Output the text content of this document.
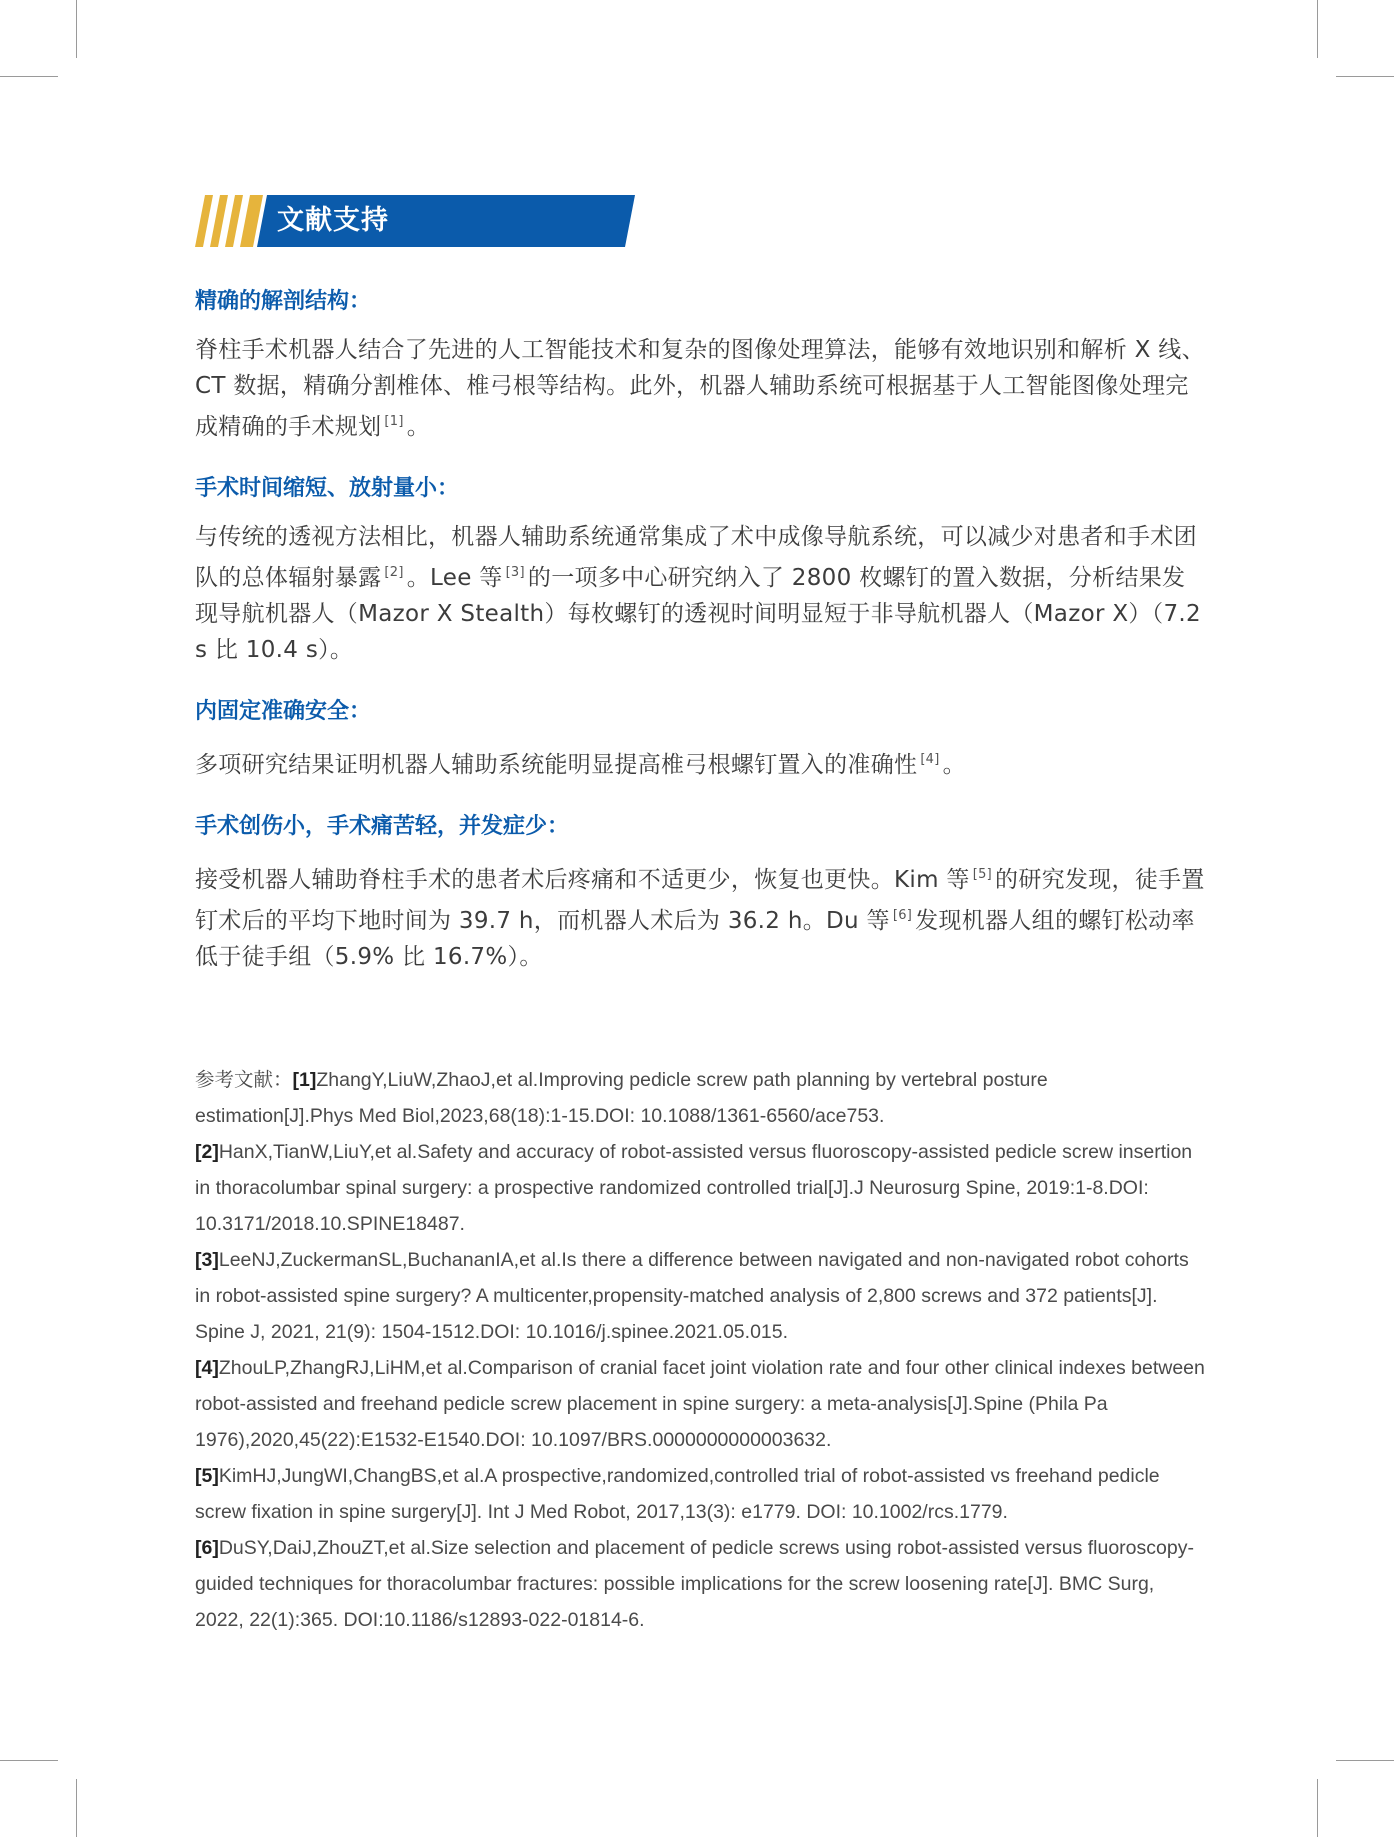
文献支持
精确的解剖结构：

脊柱手术机器人结合了先进的人工智能技术和复杂的图像处理算法，能够有效地识别和解析 X 线、CT 数据，精确分割椎体、椎弓根等结构。此外，机器人辅助系统可根据基于人工智能图像处理完成精确的手术规划 [1] 。

手术时间缩短、放射量小：

与传统的透视方法相比，机器人辅助系统通常集成了术中成像导航系统，可以减少对患者和手术团队的总体辐射暴露 [2] 。Lee 等 [3] 的一项多中心研究纳入了 2800 枚螺钉的置入数据，分析结果发现导航机器人（Mazor X Stealth）每枚螺钉的透视时间明显短于非导航机器人（Mazor X）（7.2 s 比 10.4 s）。

内固定准确安全：

多项研究结果证明机器人辅助系统能明显提高椎弓根螺钉置入的准确性 [4] 。

手术创伤小，手术痛苦轻，并发症少：

接受机器人辅助脊柱手术的患者术后疼痛和不适更少，恢复也更快。Kim 等 [5] 的研究发现，徒手置钉术后的平均下地时间为 39.7 h，而机器人术后为 36.2 h。Du 等 [6] 发现机器人组的螺钉松动率低于徒手组（5.9% 比 16.7%）。

参考文献：[1]ZhangY,LiuW,ZhaoJ,et al.Improving pedicle screw path planning by vertebral posture estimation[J].Phys Med Biol,2023,68(18):1-15.DOI: 10.1088/1361-6560/ace753.
[2]HanX,TianW,LiuY,et al.Safety and accuracy of robot-assisted versus fluoroscopy-assisted pedicle screw insertion in thoracolumbar spinal surgery: a prospective randomized controlled trial[J].J Neurosurg Spine, 2019:1-8.DOI: 10.3171/2018.10.SPINE18487.
[3]LeeNJ,ZuckermanSL,BuchananIA,et al.Is there a difference between navigated and non-navigated robot cohorts in robot-assisted spine surgery? A multicenter,propensity-matched analysis of 2,800 screws and 372 patients[J]. Spine J, 2021, 21(9): 1504-1512.DOI: 10.1016/j.spinee.2021.05.015.
[4]ZhouLP,ZhangRJ,LiHM,et al.Comparison of cranial facet joint violation rate and four other clinical indexes between robot-assisted and freehand pedicle screw placement in spine surgery: a meta-analysis[J].Spine (Phila Pa 1976),2020,45(22):E1532-E1540.DOI: 10.1097/BRS.0000000000003632.
[5]KimHJ,JungWI,ChangBS,et al.A prospective,randomized,controlled trial of robot-assisted vs freehand pedicle screw fixation in spine surgery[J]. Int J Med Robot, 2017,13(3): e1779. DOI: 10.1002/rcs.1779.
[6]DuSY,DaiJ,ZhouZT,et al.Size selection and placement of pedicle screws using robot-assisted versus fluoroscopy-guided techniques for thoracolumbar fractures: possible implications for the screw loosening rate[J]. BMC Surg, 2022, 22(1):365. DOI:10.1186/s12893-022-01814-6.
